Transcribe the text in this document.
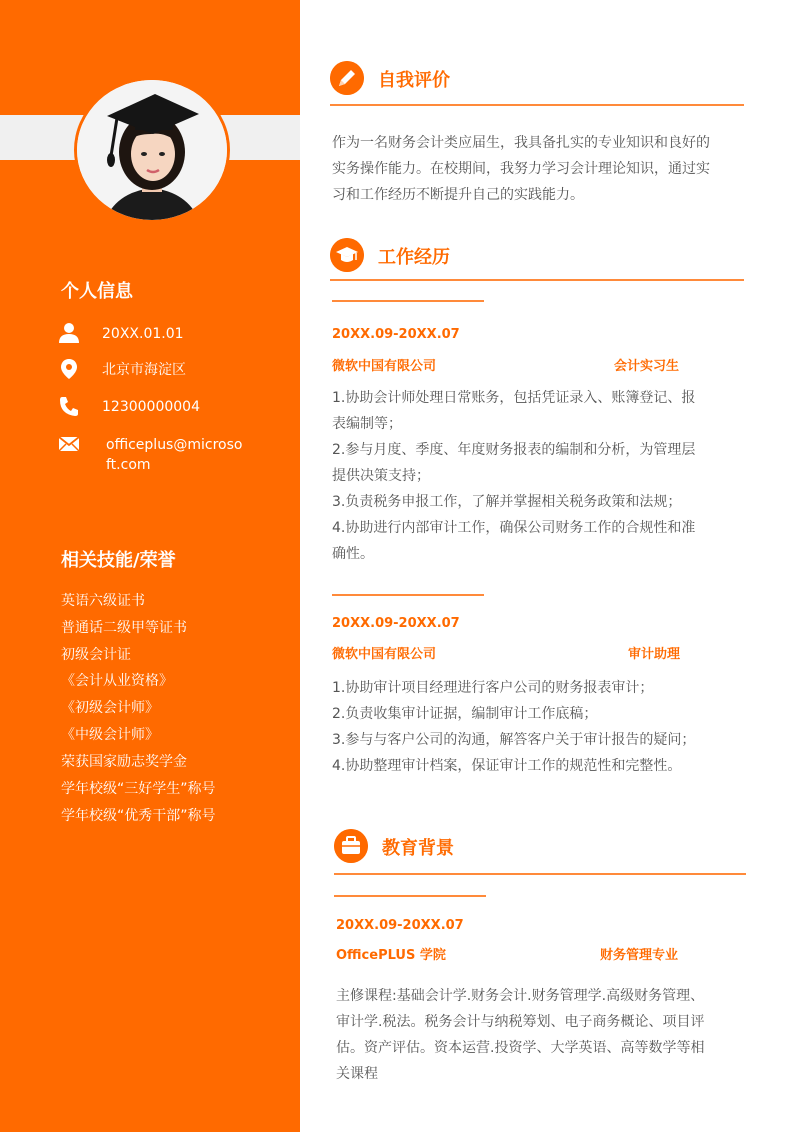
个人信息
20XX.01.01
北京市海淀区
12300000004
officeplus@microso
ft.com
相关技能/荣誉
英语六级证书
普通话二级甲等证书
初级会计证
《会计从业资格》
《初级会计师》
《中级会计师》
荣获国家励志奖学金
学年校级“三好学生”称号
学年校级“优秀干部”称号
自我评价
作为一名财务会计类应届生，我具备扎实的专业知识和良好的
实务操作能力。在校期间，我努力学习会计理论知识，通过实
习和工作经历不断提升自己的实践能力。
工作经历
20XX.09-20XX.07
微软中国有限公司	会计实习生
1.协助会计师处理日常账务，包括凭证录入、账簿登记、报
表编制等；
2.参与月度、季度、年度财务报表的编制和分析，为管理层
提供决策支持；
3.负责税务申报工作，了解并掌握相关税务政策和法规；
4.协助进行内部审计工作，确保公司财务工作的合规性和准
确性。
20XX.09-20XX.07
微软中国有限公司	审计助理
1.协助审计项目经理进行客户公司的财务报表审计；
2.负责收集审计证据，编制审计工作底稿；
3.参与与客户公司的沟通，解答客户关于审计报告的疑问；
4.协助整理审计档案，保证审计工作的规范性和完整性。
教育背景
20XX.09-20XX.07
OfficePLUS 学院	财务管理专业
主修课程:基础会计学.财务会计.财务管理学.高级财务管理、
审计学.税法。税务会计与纳税筹划、电子商务概论、项目评
估。资产评估。资本运营.投资学、大学英语、高等数学等相
关课程
